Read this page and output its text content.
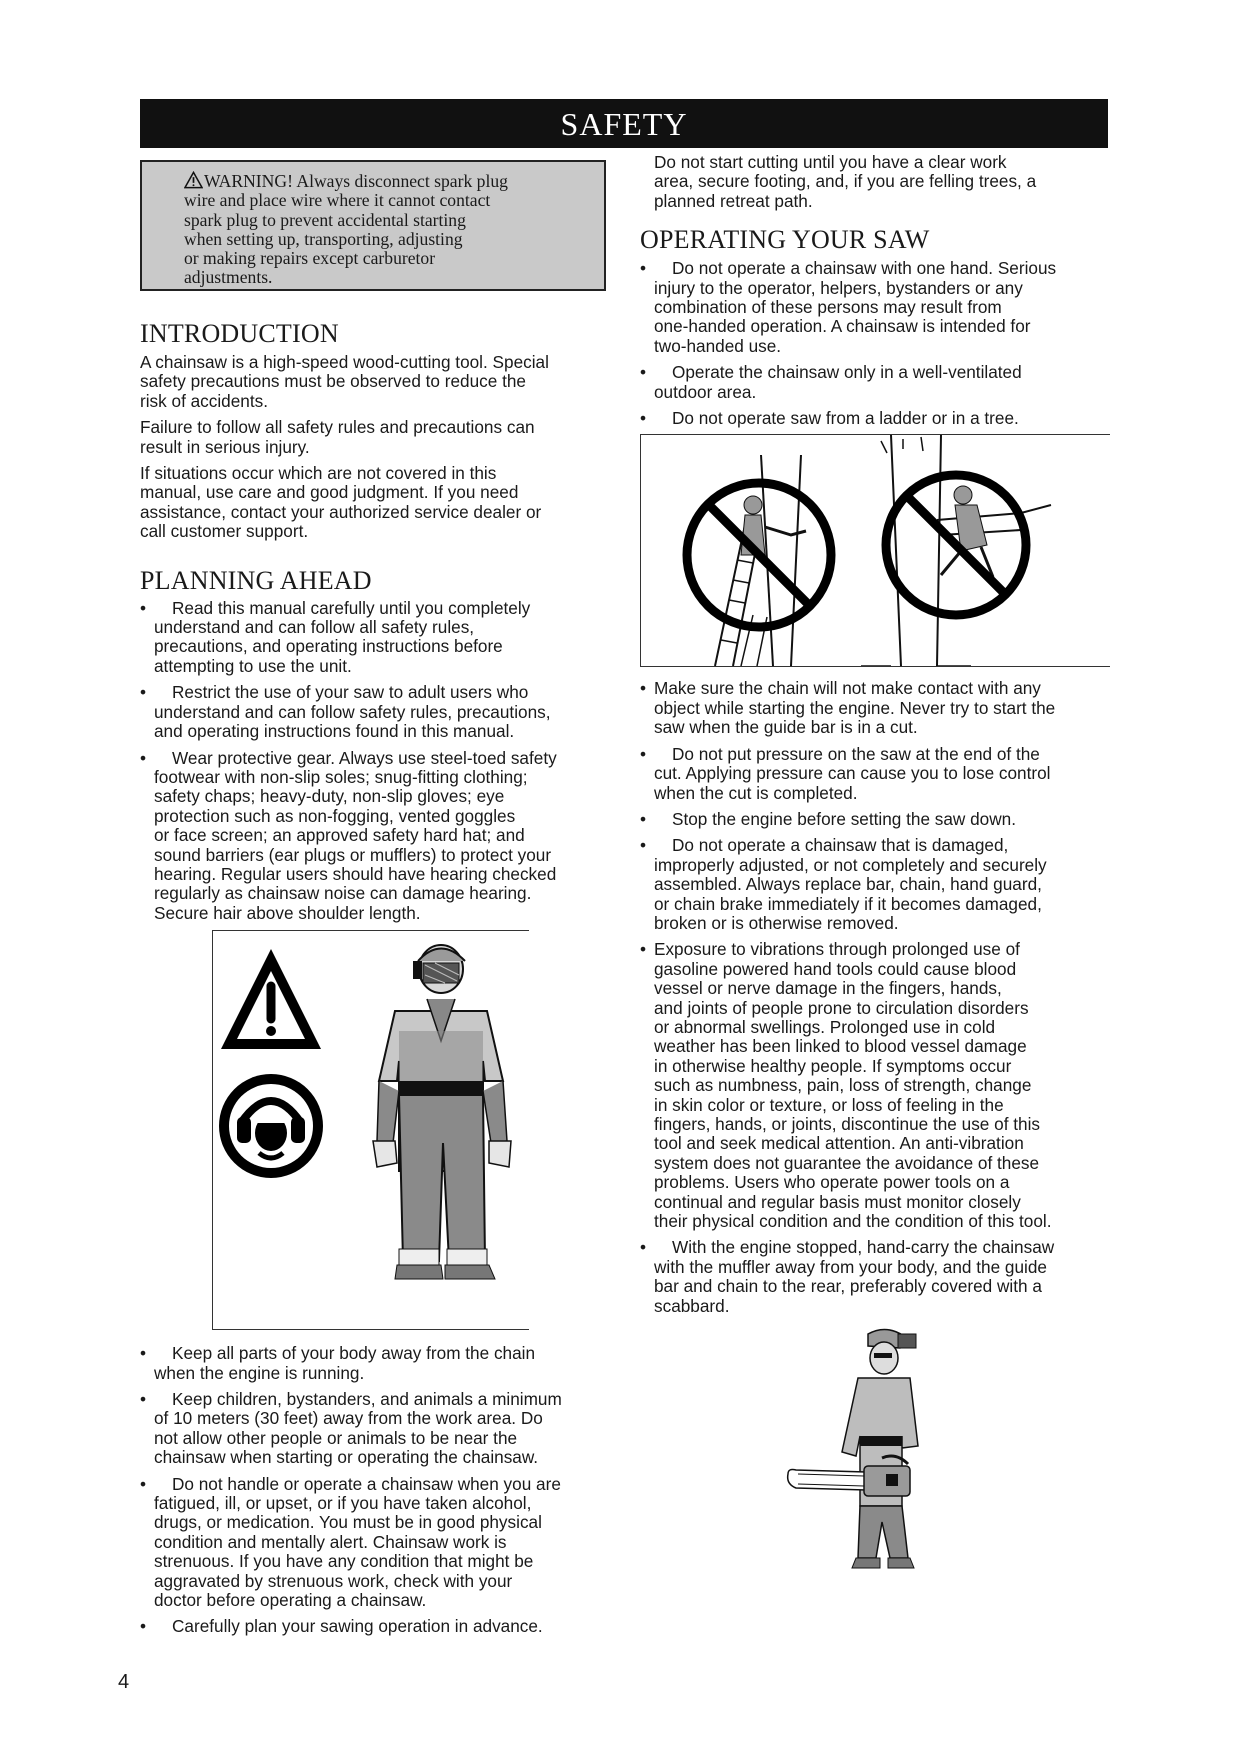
SAFETY
WARNING! Always disconnect spark plug
wire and place wire where it cannot contact
spark plug to prevent accidental starting
when setting up, transporting, adjusting
or making repairs except carburetor
adjustments.
INTRODUCTION

A chainsaw is a high-speed wood-cutting tool. Special
safety precautions must be observed to reduce the
risk of accidents.

Failure to follow all safety rules and precautions can
result in serious injury.

If situations occur which are not covered in this
manual, use care and good judgment. If you need
assistance, contact your authorized service dealer or
call customer support.

PLANNING AHEAD
•	Read this manual carefully until you completely
understand and can follow all safety rules,
precautions, and operating instructions before
attempting to use the unit.
•	Restrict the use of your saw to adult users who
understand and can follow safety rules, precautions,
and operating instructions found in this manual.
•	Wear protective gear. Always use steel-toed safety
footwear with non-slip soles; snug-fitting clothing;
safety chaps; heavy-duty, non-slip gloves; eye
protection such as non-fogging, vented goggles
or face screen; an approved safety hard hat; and
sound barriers (ear plugs or mufflers) to protect your
hearing. Regular users should have hearing checked
regularly as chainsaw noise can damage hearing.
Secure hair above shoulder length.
•	Keep all parts of your body away from the chain
when the engine is running.
•	Keep children, bystanders, and animals a minimum
of 10 meters (30 feet) away from the work area. Do
not allow other people or animals to be near the
chainsaw when starting or operating the chainsaw.
•	Do not handle or operate a chainsaw when you are
fatigued, ill, or upset, or if you have taken alcohol,
drugs, or medication. You must be in good physical
condition and mentally alert. Chainsaw work is
strenuous. If you have any condition that might be
aggravated by strenuous work, check with your
doctor before operating a chainsaw.
•	Carefully plan your sawing operation in advance.

Do not start cutting until you have a clear work
area, secure footing, and, if you are felling trees, a
planned retreat path.

OPERATING YOUR SAW
•	Do not operate a chainsaw with one hand. Serious
injury to the operator, helpers, bystanders or any
combination of these persons may result from
one-handed operation. A chainsaw is intended for
two-handed use.
•	Operate the chainsaw only in a well-ventilated
outdoor area.
•	Do not operate saw from a ladder or in a tree.
• Make sure the chain will not make contact with any
object while starting the engine. Never try to start the
saw when the guide bar is in a cut.
•	Do not put pressure on the saw at the end of the
cut. Applying pressure can cause you to lose control
when the cut is completed.
•	Stop the engine before setting the saw down.
•	Do not operate a chainsaw that is damaged,
improperly adjusted, or not completely and securely
assembled. Always replace bar, chain, hand guard,
or chain brake immediately if it becomes damaged,
broken or is otherwise removed.
• Exposure to vibrations through prolonged use of
gasoline powered hand tools could cause blood
vessel or nerve damage in the fingers, hands,
and joints of people prone to circulation disorders
or abnormal swellings. Prolonged use in cold
weather has been linked to blood vessel damage
in otherwise healthy people. If symptoms occur
such as numbness, pain, loss of strength, change
in skin color or texture, or loss of feeling in the
fingers, hands, or joints, discontinue the use of this
tool and seek medical attention. An anti-vibration
system does not guarantee the avoidance of these
problems. Users who operate power tools on a
continual and regular basis must monitor closely
their physical condition and the condition of this tool.
•	With the engine stopped, hand-carry the chainsaw
with the muffler away from your body, and the guide
bar and chain to the rear, preferably covered with a
scabbard.
4
